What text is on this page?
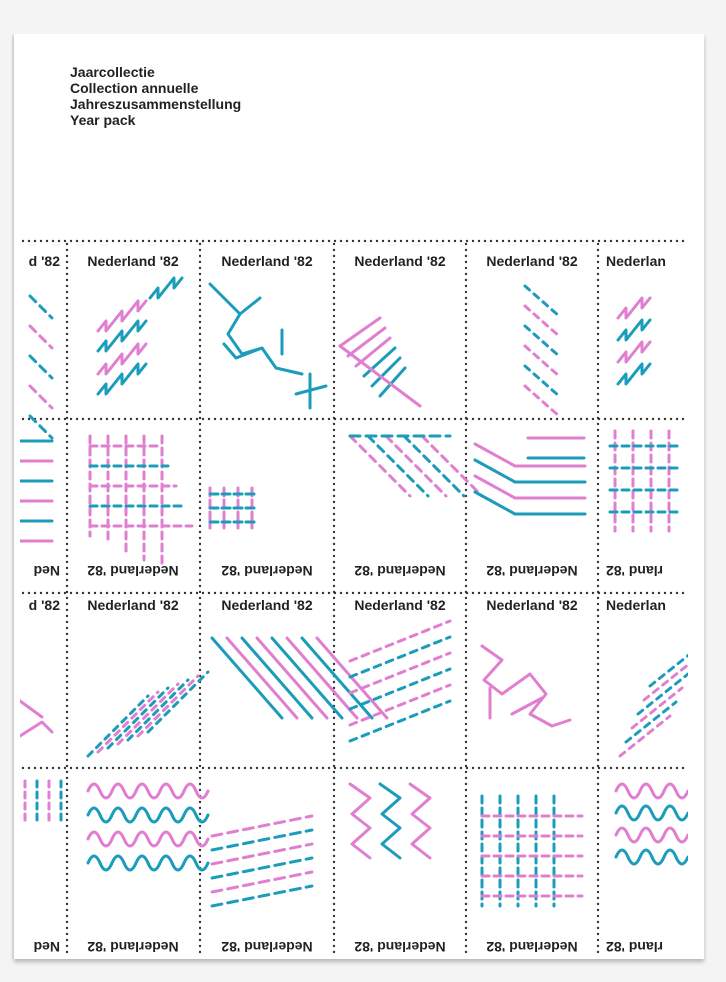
Jaarcollectie
Collection annuelle
Jahreszusammenstellung
Year pack
d '82 Nederland '82	Nederland '82	Nederland '82	Nederland '82 Nederlan
d '82 Nederland '82	Nederland '82	Nederland '82	Nederland '82 Nederlan
Ned Nederland '82	Nederland '82	Nederland '82	Nederland '82 rland '82
Ned Nederland '82	Nederland '82	Nederland '82	Nederland '82 rland '82
